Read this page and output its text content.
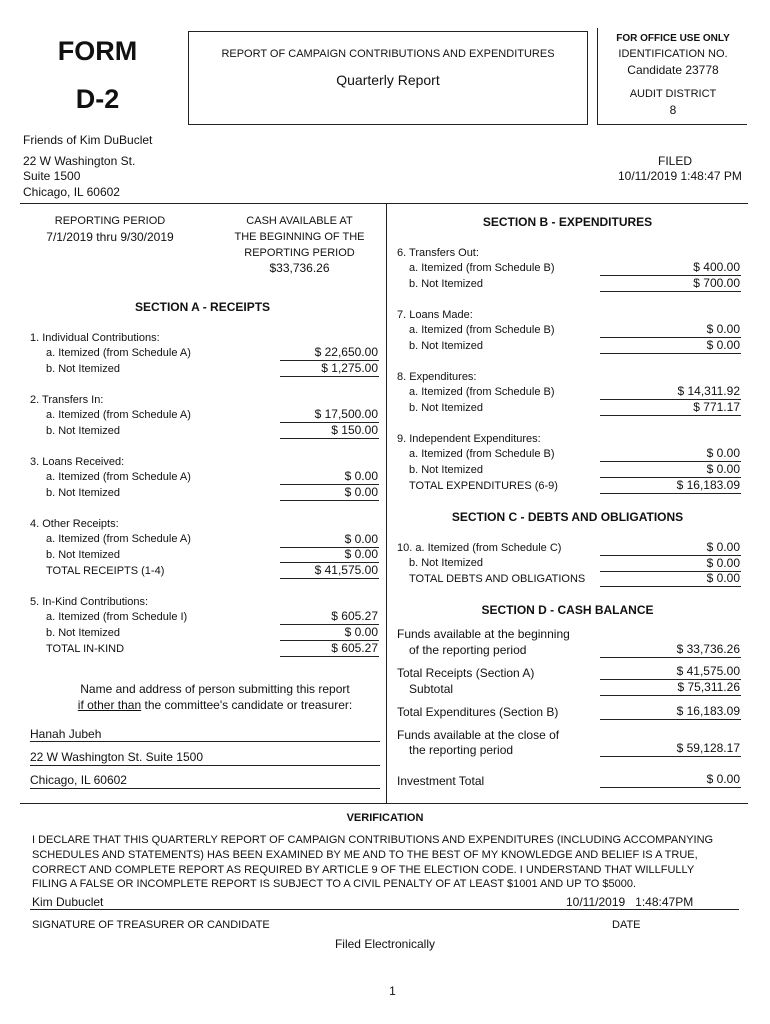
FORM
D-2
REPORT OF CAMPAIGN CONTRIBUTIONS AND EXPENDITURES
Quarterly Report
FOR OFFICE USE ONLY
IDENTIFICATION NO.
Candidate 23778
AUDIT DISTRICT
8
Friends of Kim DuBuclet
22 W Washington St.
Suite 1500
Chicago, IL 60602
FILED
10/11/2019 1:48:47 PM
REPORTING PERIOD
7/1/2019 thru 9/30/2019
CASH AVAILABLE AT
THE BEGINNING OF THE
REPORTING PERIOD
$33,736.26
SECTION A - RECEIPTS
1. Individual Contributions:
a. Itemized (from Schedule A)	$ 22,650.00
b. Not Itemized	$ 1,275.00
2. Transfers In:
a. Itemized (from Schedule A)	$ 17,500.00
b. Not Itemized	$ 150.00
3. Loans Received:
a. Itemized (from Schedule A)	$ 0.00
b. Not Itemized	$ 0.00
4. Other Receipts:
a. Itemized (from Schedule A)	$ 0.00
b. Not Itemized	$ 0.00
TOTAL RECEIPTS (1-4)	$ 41,575.00
5. In-Kind Contributions:
a. Itemized (from Schedule I)	$ 605.27
b. Not Itemized	$ 0.00
TOTAL IN-KIND	$ 605.27
Name and address of person submitting this report
if other than the committee's candidate or treasurer:
Hanah Jubeh
22 W Washington St. Suite 1500
Chicago, IL 60602
SECTION B - EXPENDITURES
6. Transfers Out:
a. Itemized (from Schedule B)	$ 400.00
b. Not Itemized	$ 700.00
7. Loans Made:
a. Itemized (from Schedule B)	$ 0.00
b. Not Itemized	$ 0.00
8. Expenditures:
a. Itemized (from Schedule B)	$ 14,311.92
b. Not Itemized	$ 771.17
9. Independent Expenditures:
a. Itemized (from Schedule B)	$ 0.00
b. Not Itemized	$ 0.00
TOTAL EXPENDITURES (6-9)	$ 16,183.09
SECTION C - DEBTS AND OBLIGATIONS
10. a. Itemized (from Schedule C)	$ 0.00
b. Not Itemized	$ 0.00
TOTAL DEBTS AND OBLIGATIONS	$ 0.00
SECTION D - CASH BALANCE
Funds available at the beginning
of the reporting period	$ 33,736.26
Total Receipts (Section A)	$ 41,575.00
Subtotal	$ 75,311.26
Total Expenditures (Section B)	$ 16,183.09
Funds available at the close of
the reporting period	$ 59,128.17
Investment Total	$ 0.00
VERIFICATION
I DECLARE THAT THIS QUARTERLY REPORT OF CAMPAIGN CONTRIBUTIONS AND EXPENDITURES (INCLUDING ACCOMPANYING
SCHEDULES AND STATEMENTS) HAS BEEN EXAMINED BY ME AND TO THE BEST OF MY KNOWLEDGE AND BELIEF IS A TRUE,
CORRECT AND COMPLETE REPORT AS REQUIRED BY ARTICLE 9 OF THE ELECTION CODE. I UNDERSTAND THAT WILLFULLY
FILING A FALSE OR INCOMPLETE REPORT IS SUBJECT TO A CIVIL PENALTY OF AT LEAST $1001 AND UP TO $5000.
Kim Dubuclet	10/11/2019   1:48:47PM
SIGNATURE OF TREASURER OR CANDIDATE	DATE
Filed Electronically
1
